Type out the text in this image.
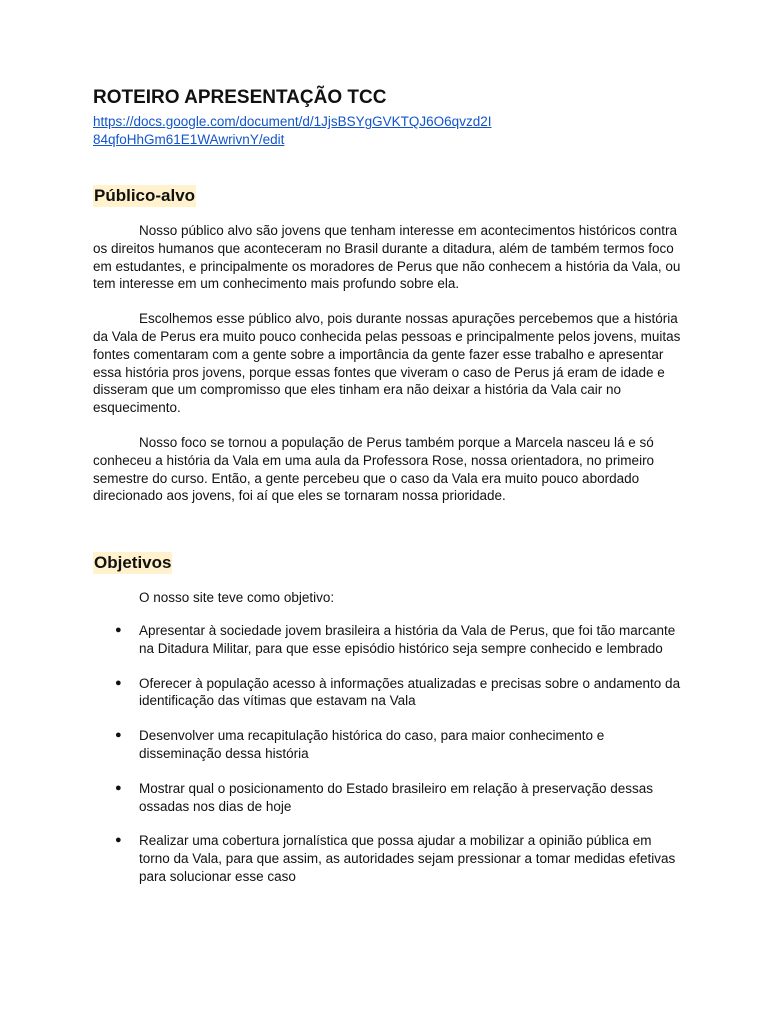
ROTEIRO APRESENTAÇÃO TCC
https://docs.google.com/document/d/1JjsBSYgGVKTQJ6O6qvzd2I84qfoHhGm61E1WAwrivnY/edit
Público-alvo

Nosso público alvo são jovens que tenham interesse em acontecimentos históricos contra os direitos humanos que aconteceram no Brasil durante a ditadura, além de também termos foco em estudantes, e principalmente os moradores de Perus que não conhecem a história da Vala, ou tem interesse em um conhecimento mais profundo sobre ela.

Escolhemos esse público alvo, pois durante nossas apurações percebemos que a história da Vala de Perus era muito pouco conhecida pelas pessoas e principalmente pelos jovens, muitas fontes comentaram com a gente sobre a importância da gente fazer esse trabalho e apresentar essa história pros jovens, porque essas fontes que viveram o caso de Perus já eram de idade e disseram que um compromisso que eles tinham era não deixar a história da Vala cair no esquecimento.

Nosso foco se tornou a população de Perus também porque a Marcela nasceu lá e só conheceu a história da Vala em uma aula da Professora Rose, nossa orientadora, no primeiro semestre do curso. Então, a gente percebeu que o caso da Vala era muito pouco abordado direcionado aos jovens, foi aí que eles se tornaram nossa prioridade.

Objetivos

O nosso site teve como objetivo:

● Apresentar à sociedade jovem brasileira a história da Vala de Perus, que foi tão marcante na Ditadura Militar, para que esse episódio histórico seja sempre conhecido e lembrado
● Oferecer à população acesso à informações atualizadas e precisas sobre o andamento da identificação das vítimas que estavam na Vala
● Desenvolver uma recapitulação histórica do caso, para maior conhecimento e disseminação dessa história
● Mostrar qual o posicionamento do Estado brasileiro em relação à preservação dessas ossadas nos dias de hoje
● Realizar uma cobertura jornalística que possa ajudar a mobilizar a opinião pública em torno da Vala, para que assim, as autoridades sejam pressionar a tomar medidas efetivas para solucionar esse caso
